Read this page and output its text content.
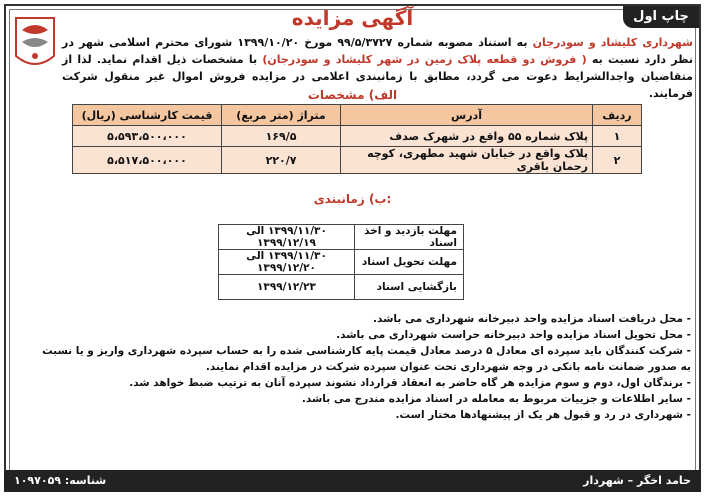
چاپ اول
آگهی مزایده
شهرداری کلیشاد و سودرجان به استناد مصوبه شماره ۹۹/۵/۳۷۲۷ مورخ ۱۳۹۹/۱۰/۲۰ شورای محترم اسلامی شهر در نظر دارد نسبت به ( فروش دو قطعه پلاک زمین در شهر کلیشاد و سودرجان) با مشخصات ذیل اقدام نماید. لذا از متقاضیان واجدالشرایط دعوت می گردد، مطابق با زمانبندی اعلامی در مزایده فروش اموال غیر منقول شرکت فرمایند.
الف) مشخصات
ردیف	آدرس	متراژ (متر مربع)	قیمت کارشناسی (ریال)
۱	پلاک شماره ۵۵ واقع در شهرک صدف	۱۶۹/۵	۵،۵۹۳،۵۰۰،۰۰۰
۲	پلاک واقع در خیابان شهید مطهری، کوچه رحمان باقری	۲۲۰/۷	۵،۵۱۷،۵۰۰،۰۰۰
ب) زمانبندی:
مهلت بازدید و اخذ اسناد	۱۳۹۹/۱۱/۳۰ الی ۱۳۹۹/۱۲/۱۹
مهلت تحویل اسناد	۱۳۹۹/۱۱/۳۰ الی ۱۳۹۹/۱۲/۲۰
بازگشایی اسناد	۱۳۹۹/۱۲/۲۳
- محل دریافت اسناد مزایده واحد دبیرخانه شهرداری می باشد.
- محل تحویل اسناد مزایده واحد دبیرخانه حراست شهرداری می باشد.
- شرکت کنندگان باید سپرده ای معادل ۵ درصد معادل قیمت پایه کارشناسی شده را به حساب سپرده شهرداری واریز و یا نسبت به صدور ضمانت نامه بانکی در وجه شهرداری تحت عنوان سپرده شرکت در مزایده اقدام نمایند.
- برندگان اول، دوم و سوم مزایده هر گاه حاضر به انعقاد قرارداد نشوند سپرده آنان به ترتیب ضبط خواهد شد.
- سایر اطلاعات و جزییات مربوط به معامله در اسناد مزایده مندرج می باشد.
- شهرداری در رد و قبول هر یک از پیشنهادها مختار است.
شناسه: ۱۰۹۷۰۵۹	حامد اخگر – شهردار
